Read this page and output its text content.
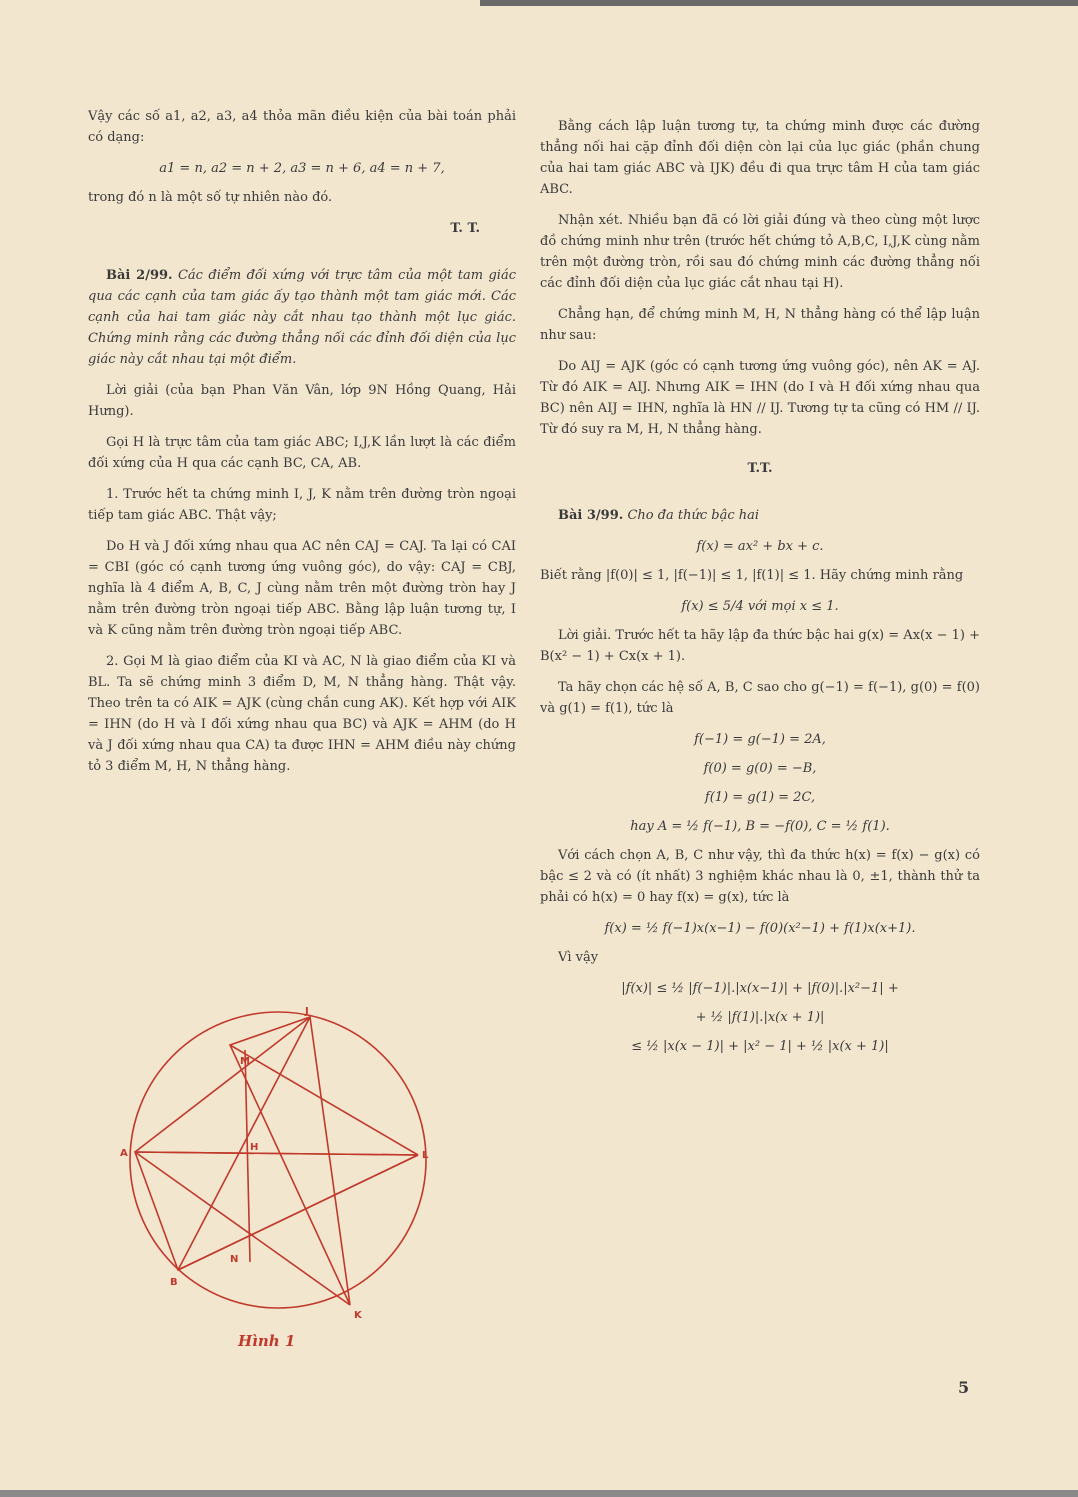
Vậy các số a1, a2, a3, a4 thỏa mãn điều kiện của bài toán phải có dạng:

a1 = n, a2 = n + 2, a3 = n + 6, a4 = n + 7,

trong đó n là một số tự nhiên nào đó.

T. T.

Bài 2/99. Các điểm đối xứng với trực tâm của một tam giác qua các cạnh của tam giác ấy tạo thành một tam giác mới. Các cạnh của hai tam giác này cắt nhau tạo thành một lục giác. Chứng minh rằng các đường thẳng nối các đỉnh đối diện của lục giác này cắt nhau tại một điểm.

Lời giải (của bạn Phan Văn Vân, lớp 9N Hồng Quang, Hải Hưng).

Gọi H là trực tâm của tam giác ABC; I,J,K lần lượt là các điểm đối xứng của H qua các cạnh BC, CA, AB.

1. Trước hết ta chứng minh I, J, K nằm trên đường tròn ngoại tiếp tam giác ABC. Thật vậy;

Do H và J đối xứng nhau qua AC nên CAJ = CAJ. Ta lại có CAI = CBI (góc có cạnh tương ứng vuông góc), do vậy: CAJ = CBJ, nghĩa là 4 điểm A, B, C, J cùng nằm trên một đường tròn hay J nằm trên đường tròn ngoại tiếp ABC. Bằng lập luận tương tự, I và K cũng nằm trên đường tròn ngoại tiếp ABC.

2. Gọi M là giao điểm của KI và AC, N là giao điểm của KI và BL. Ta sẽ chứng minh 3 điểm D, M, N thẳng hàng. Thật vậy. Theo trên ta có AIK = AJK (cùng chắn cung AK). Kết hợp với AIK = IHN (do H và I đối xứng nhau qua BC) và AJK = AHM (do H và J đối xứng nhau qua CA) ta được IHN = AHM điều này chứng tỏ 3 điểm M, H, N thẳng hàng.

A
B
L
H
J
M
N
K
Hình 1

Bằng cách lập luận tương tự, ta chứng minh được các đường thẳng nối hai cặp đỉnh đối diện còn lại của lục giác (phần chung của hai tam giác ABC và IJK) đều đi qua trực tâm H của tam giác ABC.

Nhận xét. Nhiều bạn đã có lời giải đúng và theo cùng một lược đồ chứng minh như trên (trước hết chứng tỏ A,B,C, I,J,K cùng nằm trên một đường tròn, rồi sau đó chứng minh các đường thẳng nối các đỉnh đối diện của lục giác cắt nhau tại H).

Chẳng hạn, để chứng minh M, H, N thẳng hàng có thể lập luận như sau:

Do AIJ = AJK (góc có cạnh tương ứng vuông góc), nên AK = AJ. Từ đó AIK = AIJ. Nhưng AIK = IHN (do I và H đối xứng nhau qua BC) nên AIJ = IHN, nghĩa là HN // IJ. Tương tự ta cũng có HM // IJ. Từ đó suy ra M, H, N thẳng hàng.

T.T.

Bài 3/99. Cho đa thức bậc hai

f(x) = ax² + bx + c.

Biết rằng |f(0)| ≤ 1, |f(−1)| ≤ 1, |f(1)| ≤ 1. Hãy chứng minh rằng

f(x) ≤ 5/4 với mọi x ≤ 1.

Lời giải. Trước hết ta hãy lập đa thức bậc hai g(x) = Ax(x − 1) + B(x² − 1) + Cx(x + 1).

Ta hãy chọn các hệ số A, B, C sao cho g(−1) = f(−1), g(0) = f(0) và g(1) = f(1), tức là

f(−1) = g(−1) = 2A,

f(0) = g(0) = −B,

f(1) = g(1) = 2C,

hay A = ½ f(−1), B = −f(0), C = ½ f(1).

Với cách chọn A, B, C như vậy, thì đa thức h(x) = f(x) − g(x) có bậc ≤ 2 và có (ít nhất) 3 nghiệm khác nhau là 0, ±1, thành thử ta phải có h(x) = 0 hay f(x) = g(x), tức là

f(x) = ½ f(−1)x(x−1) − f(0)(x²−1) + f(1)x(x+1).

Vì vậy

|f(x)| ≤ ½ |f(−1)|.|x(x−1)| + |f(0)|.|x²−1| +

+ ½ |f(1)|.|x(x + 1)|

≤ ½ |x(x − 1)| + |x² − 1| + ½ |x(x + 1)|

5
